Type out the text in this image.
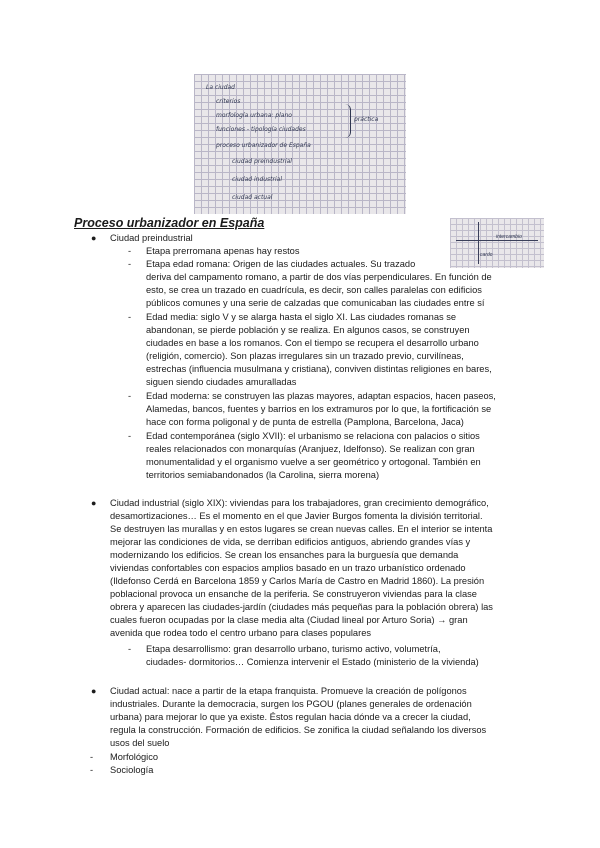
La ciudad
criterios
morfología urbana: plano
funciones - tipología ciudades
proceso urbanizador de España
ciudad preindustrial
ciudad industrial
ciudad actual
práctica
intercambio
cardo
Proceso urbanizador en España
● Ciudad preindustrial
- Etapa prerromana apenas hay restos
- Etapa edad romana: Origen de las ciudades actuales. Su trazado
deriva del campamento romano, a partir de dos vías perpendiculares. En función de
esto, se crea un trazado en cuadrícula, es decir, son calles paralelas con edificios
públicos comunes y una serie de calzadas que comunicaban las ciudades entre sí
- Edad media: siglo V y se alarga hasta el siglo XI. Las ciudades romanas se
abandonan, se pierde población y se realiza. En algunos casos, se construyen
ciudades en base a los romanos. Con el tiempo se recupera el desarrollo urbano
(religión, comercio). Son plazas irregulares sin un trazado previo, curvilíneas,
estrechas (influencia musulmana y cristiana), conviven distintas religiones en bares,
siguen siendo ciudades amuralladas
- Edad moderna: se construyen las plazas mayores, adaptan espacios, hacen paseos,
Alamedas, bancos, fuentes y barrios en los extramuros por lo que, la fortificación se
hace con forma poligonal y de punta de estrella (Pamplona, Barcelona, Jaca)
- Edad contemporánea (siglo XVII): el urbanismo se relaciona con palacios o sitios
reales relacionados con monarquías (Aranjuez, Idelfonso). Se realizan con gran
monumentalidad y el organismo vuelve a ser geométrico y ortogonal. También en
territorios semiabandonados (la Carolina, sierra morena)
● Ciudad industrial (siglo XIX): viviendas para los trabajadores, gran crecimiento demográfico,
desamortizaciones… Es el momento en el que Javier Burgos fomenta la división territorial.
Se destruyen las murallas y en estos lugares se crean nuevas calles. En el interior se intenta
mejorar las condiciones de vida, se derriban edificios antiguos, abriendo grandes vías y
modernizando los edificios. Se crean los ensanches para la burguesía que demanda
viviendas confortables con espacios amplios basado en un trazo urbanístico ordenado
(Ildefonso Cerdá en Barcelona 1859 y Carlos María de Castro en Madrid 1860). La presión
poblacional provoca un ensanche de la periferia. Se construyeron viviendas para la clase
obrera y aparecen las ciudades-jardín (ciudades más pequeñas para la población obrera) las
cuales fueron ocupadas por la clase media alta (Ciudad lineal por Arturo Soria) → gran
avenida que rodea todo el centro urbano para clases populares
- Etapa desarrollismo: gran desarrollo urbano, turismo activo, volumetría,
ciudades- dormitorios… Comienza intervenir el Estado (ministerio de la vivienda)
● Ciudad actual: nace a partir de la etapa franquista. Promueve la creación de polígonos
industriales. Durante la democracia, surgen los PGOU (planes generales de ordenación
urbana) para mejorar lo que ya existe. Éstos regulan hacia dónde va a crecer la ciudad,
regula la construcción. Formación de edificios. Se zonifica la ciudad señalando los diversos
usos del suelo
- Morfológico
- Sociología
